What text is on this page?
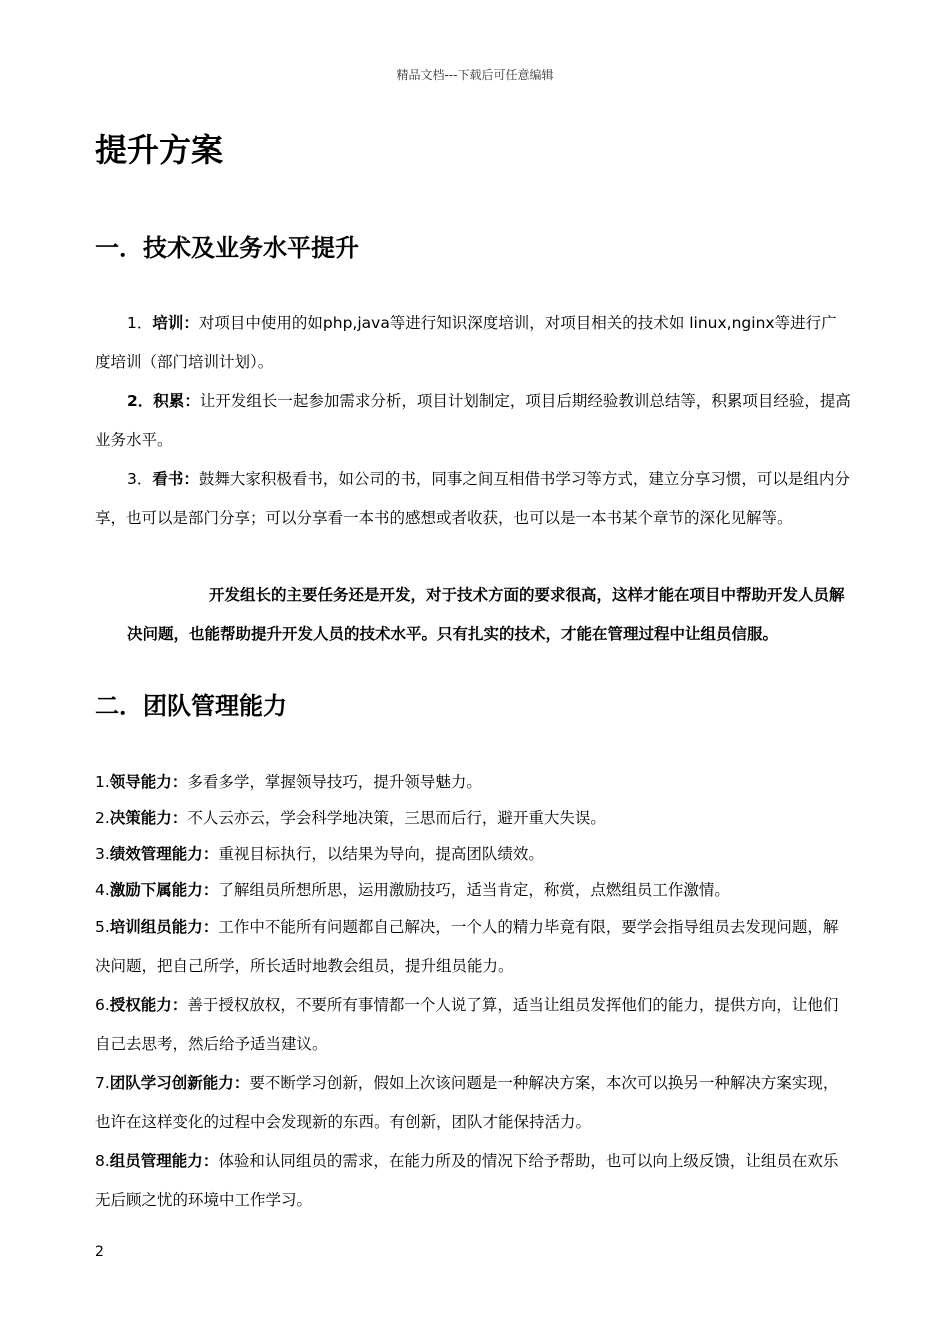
精品文档---下载后可任意编辑
提升方案
一．技术及业务水平提升

1．培训：对项目中使用的如php,java等进行知识深度培训，对项目相关的技术如 linux,nginx等进行广度培训（部门培训计划）。

2．积累：让开发组长一起参加需求分析，项目计划制定，项目后期经验教训总结等，积累项目经验，提高业务水平。

3．看书：鼓舞大家积极看书，如公司的书，同事之间互相借书学习等方式，建立分享习惯，可以是组内分享，也可以是部门分享；可以分享看一本书的感想或者收获，也可以是一本书某个章节的深化见解等。

开发组长的主要任务还是开发，对于技术方面的要求很高，这样才能在项目中帮助开发人员解决问题，也能帮助提升开发人员的技术水平。只有扎实的技术，才能在管理过程中让组员信服。

二．团队管理能力

1.领导能力：多看多学，掌握领导技巧，提升领导魅力。

2.决策能力：不人云亦云，学会科学地决策，三思而后行，避开重大失误。

3.绩效管理能力：重视目标执行，以结果为导向，提高团队绩效。

4.激励下属能力：了解组员所想所思，运用激励技巧，适当肯定，称赏，点燃组员工作激情。

5.培训组员能力：工作中不能所有问题都自己解决，一个人的精力毕竟有限，要学会指导组员去发现问题，解决问题，把自己所学，所长适时地教会组员，提升组员能力。

6.授权能力：善于授权放权，不要所有事情都一个人说了算，适当让组员发挥他们的能力，提供方向，让他们自己去思考，然后给予适当建议。

7.团队学习创新能力：要不断学习创新，假如上次该问题是一种解决方案，本次可以换另一种解决方案实现，也许在这样变化的过程中会发现新的东西。有创新，团队才能保持活力。

8.组员管理能力：体验和认同组员的需求，在能力所及的情况下给予帮助，也可以向上级反馈，让组员在欢乐无后顾之忧的环境中工作学习。

2
